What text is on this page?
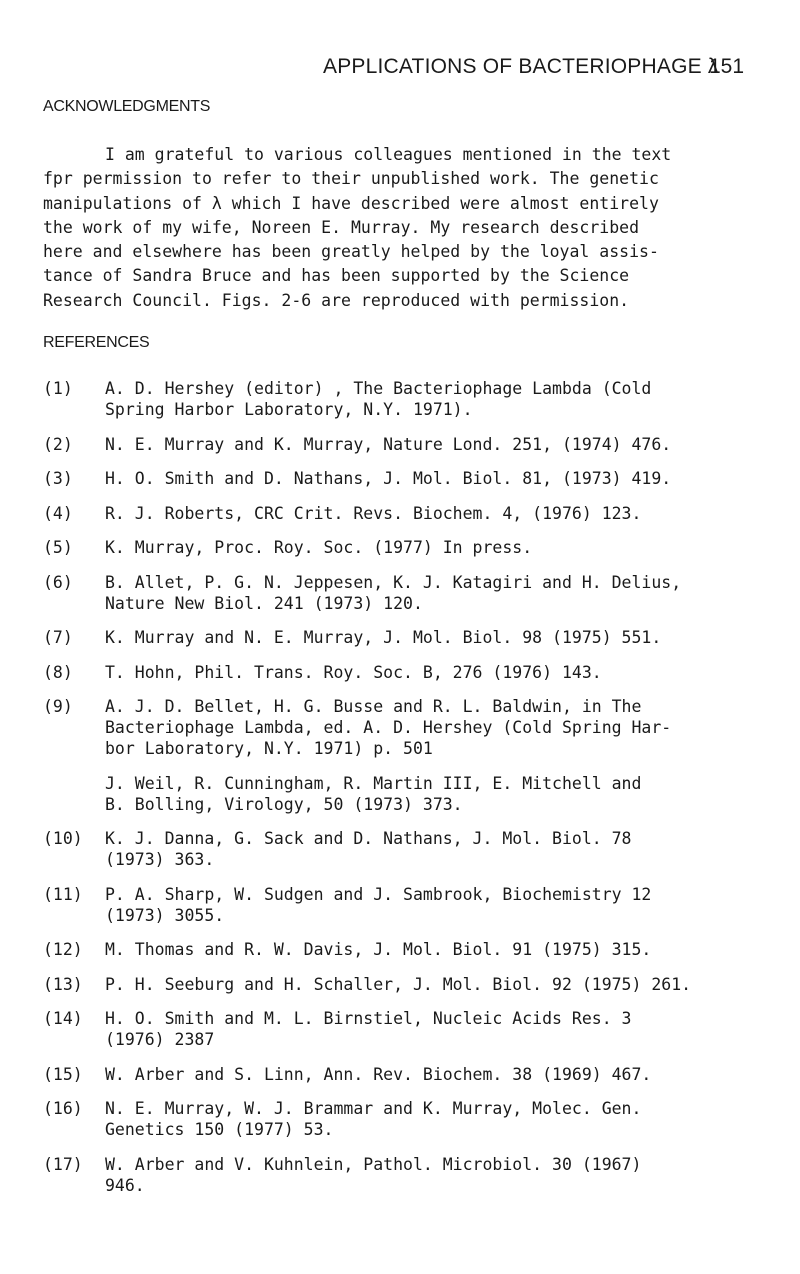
APPLICATIONS OF BACTERIOPHAGE λ
151
ACKNOWLEDGMENTS

I am grateful to various colleagues mentioned in the text
fpr permission to refer to their unpublished work. The genetic
manipulations of λ which I have described were almost entirely
the work of my wife, Noreen E. Murray. My research described
here and elsewhere has been greatly helped by the loyal assis-
tance of Sandra Bruce and has been supported by the Science
Research Council. Figs. 2-6 are reproduced with permission.

REFERENCES
(1) A. D. Hershey (editor) , The Bacteriophage Lambda (Cold
Spring Harbor Laboratory, N.Y. 1971).
(2) N. E. Murray and K. Murray, Nature Lond. 251, (1974) 476.
(3) H. O. Smith and D. Nathans, J. Mol. Biol. 81, (1973) 419.
(4) R. J. Roberts, CRC Crit. Revs. Biochem. 4, (1976) 123.
(5) K. Murray, Proc. Roy. Soc. (1977) In press.
(6) B. Allet, P. G. N. Jeppesen, K. J. Katagiri and H. Delius,
Nature New Biol. 241 (1973) 120.
(7) K. Murray and N. E. Murray, J. Mol. Biol. 98 (1975) 551.
(8) T. Hohn, Phil. Trans. Roy. Soc. B, 276 (1976) 143.
(9) A. J. D. Bellet, H. G. Busse and R. L. Baldwin, in The
Bacteriophage Lambda, ed. A. D. Hershey (Cold Spring Har-
bor Laboratory, N.Y. 1971) p. 501
J. Weil, R. Cunningham, R. Martin III, E. Mitchell and
B. Bolling, Virology, 50 (1973) 373.
(10) K. J. Danna, G. Sack and D. Nathans, J. Mol. Biol. 78
(1973) 363.
(11) P. A. Sharp, W. Sudgen and J. Sambrook, Biochemistry 12
(1973) 3055.
(12) M. Thomas and R. W. Davis, J. Mol. Biol. 91 (1975) 315.
(13) P. H. Seeburg and H. Schaller, J. Mol. Biol. 92 (1975) 261.
(14) H. O. Smith and M. L. Birnstiel, Nucleic Acids Res. 3
(1976) 2387
(15) W. Arber and S. Linn, Ann. Rev. Biochem. 38 (1969) 467.
(16) N. E. Murray, W. J. Brammar and K. Murray, Molec. Gen.
Genetics 150 (1977) 53.
(17) W. Arber and V. Kuhnlein, Pathol. Microbiol. 30 (1967)
946.
